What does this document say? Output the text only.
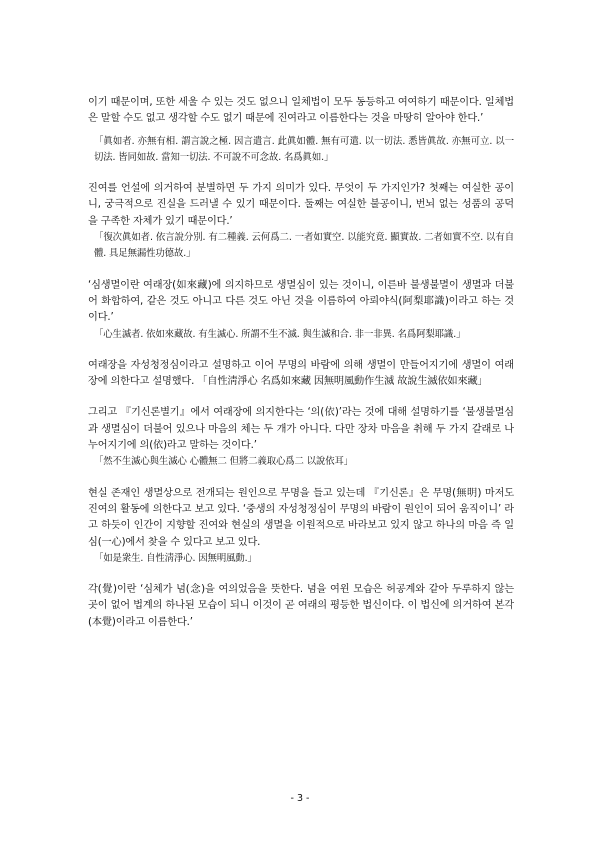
이기 때문이며, 또한 세울 수 있는 것도 없으니 일체법이 모두 동등하고 여여하기 때문이다. 일체법은 말할 수도 없고 생각할 수도 없기 때문에 진여라고 이름한다는 것을 마땅히 알아야 한다.’

「眞如者. 亦無有相. 謂言說之極. 因言遣言. 此眞如體. 無有可遣. 以一切法. 悉皆眞故. 亦無可立. 以一切法. 皆同如故. 當知一切法. 不可說不可念故. 名爲眞如.」

진여를 언설에 의거하여 분별하면 두 가지 의미가 있다. 무엇이 두 가지인가? 첫째는 여실한 공이니, 궁극적으로 진실을 드러낼 수 있기 때문이다. 둘째는 여실한 불공이니, 번뇌 없는 성품의 공덕을 구족한 자체가 있기 때문이다.’

「復次眞如者. 依言說分別. 有二種義. 云何爲二. 一者如實空. 以能究竟. 顯實故. 二者如實不空. 以有自體. 具足無漏性功德故.」

‘심생멸이란 여래장(如來藏)에 의지하므로 생멸심이 있는 것이니, 이른바 불생불멸이 생멸과 더불어 화합하여, 같은 것도 아니고 다른 것도 아닌 것을 이름하여 아뢰야식(阿梨耶識)이라고 하는 것이다.’

「心生滅者. 依如來藏故. 有生滅心. 所謂不生不滅. 與生滅和合. 非一非異. 名爲阿梨耶識.」

여래장을 자성청정심이라고 설명하고 이어 무명의 바람에 의해 생멸이 만들어지기에 생멸이 여래장에 의한다고 설명했다. 「自性淸淨心 名爲如來藏 因無明風動作生滅 故說生滅依如來藏」

그리고 『기신론별기』에서 여래장에 의지한다는 ‘의(依)’라는 것에 대해 설명하기를 ‘불생불멸심과 생멸심이 더불어 있으나 마음의 체는 두 개가 아니다. 다만 장차 마음을 취해 두 가지 갈래로 나누어지기에 의(依)라고 말하는 것이다.’

「然不生滅心與生滅心 心體無二 但將二義取心爲二 以說依耳」

현실 존재인 생멸상으로 전개되는 원인으로 무명을 들고 있는데 『기신론』은 무명(無明) 마저도 진여의 활동에 의한다고 보고 있다. ‘중생의 자성청정심이 무명의 바람이 원인이 되어 움직이니’ 라고 하듯이 인간이 지향할 진여와 현실의 생멸을 이원적으로 바라보고 있지 않고 하나의 마음 즉 일심(一心)에서 찾을 수 있다고 보고 있다.

「如是衆生. 自性淸淨心. 因無明風動.」

각(覺)이란 ‘심체가 념(念)을 여의었음을 뜻한다. 념을 여윈 모습은 허공계와 같아 두루하지 않는 곳이 없어 법계의 하나된 모습이 되니 이것이 곧 여래의 평등한 법신이다. 이 법신에 의거하여 본각(本覺)이라고 이름한다.’

- 3 -
